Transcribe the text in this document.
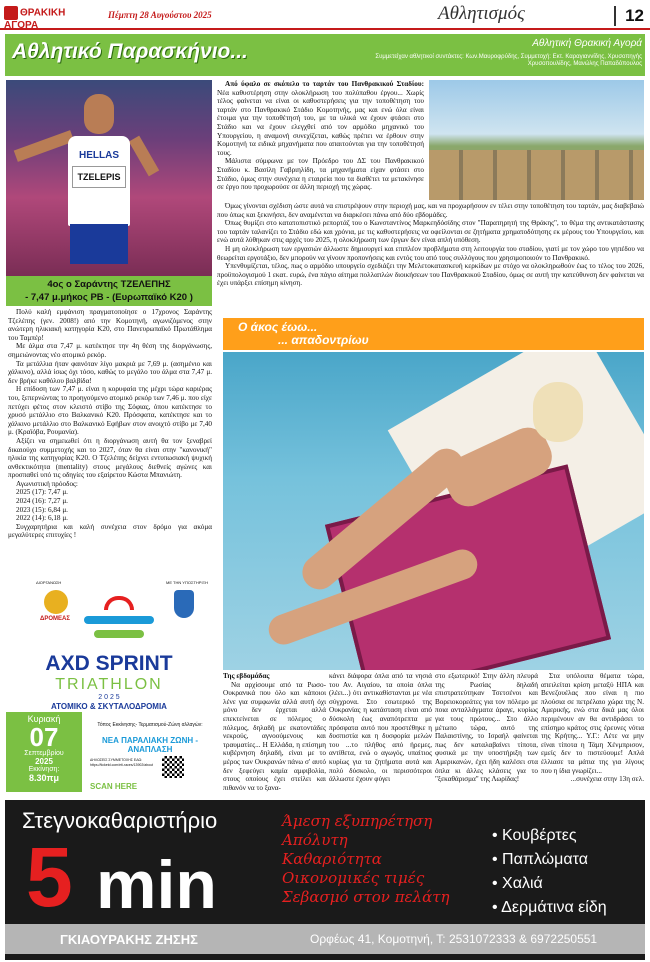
ΘΡΑΚΙΚΗ ΑΓΟΡΑ
Πέμπτη 28 Αυγούστου 2025	Αθλητισμός	12
Αθλητικό Παρασκήνιο...	Αθλητική Θρακική Αγορά
Συμμετείχαν αθλητικοί συντάκτες: Κων.Μαυροφρύδης, Συμμετοχή: Εκτ. Καραγιαννίδης, Χρυσοπηγής Χρυσοπουλίδης, Μανώλης Παπαδόπουλος
HELLAS
TZELEPIS
4ος ο Σαράντης ΤΖΕΛΕΠΗΣ
- 7,47 μ.μήκος PB - (Ευρωπαϊκό Κ20 )

Πολύ καλή εμφάνιση πραγματοποίησε ο 17χρονος Σαράντης Τζελέπης (γεν. 2008!) από την Κομοτηνή, αγωνιζόμενος στην ανώτερη ηλικιακή κατηγορία Κ20, στο Πανευρωπαϊκό Πρωτάθλημα του Ταμπέρ!

Με άλμα στα 7,47 μ. κατέκτησε την 4η θέση της διοργάνωσης, σημειώνοντας νέο ατομικό ρεκόρ.

Τα μετάλλια ήταν φαινόταν λίγο μακριά με 7,69 μ. (ασημένιο και χάλκινο), αλλά ίσως όχι τόσο, καθώς το μεγάλο του άλμα στα 7,47 μ. δεν βρήκε καθόλου βαλβίδα!

Η επίδοση των 7,47 μ. είναι η κορυφαία της μέχρι τώρα καριέρας του, ξεπερνώντας το προηγούμενο ατομικό ρεκόρ των 7,46 μ. που είχε πετύχει φέτος στον κλειστό στίβο της Σόφιας, όπου κατέκτησε το χρυσό μετάλλιο στο Βαλκανικό Κ20. Πρόσφατα, κατέκτησε και το χάλκινο μετάλλιο στο Βαλκανικό Εφήβων στον ανοιχτό στίβο με 7,40 μ. (Κραϊόβα, Ρουμανία).

Αξίζει να σημειωθεί ότι η διοργάνωση αυτή θα τον ξεναβρεί δικαιούχο συμμετοχής και το 2027, όταν θα είναι στην "κανονική" ηλικία της κατηγορίας Κ20. Ο Τζελέπης δείχνει εντυπωσιακή ψυχική ανθεκτικότητα (mentality) στους μεγάλους διεθνείς αγώνες και προσπαθεί υπό τις οδηγίες του εξαίρετου Κώστα Μπανιώτη.

Αγωνιστική πρόοδος:

2025 (17): 7,47 μ.

2024 (16): 7,27 μ.

2023 (15): 6,84 μ.

2022 (14): 6,18 μ.

Συγχαρητήρια και καλή συνέχεια στον δρόμο για ακόμα μεγαλύτερες επιτυχίες !

Από ύφαλο σε σκόπελο το ταρτάν του Πανθρακικού Σταδίου: Νέα καθυστέρηση στην ολοκλήρωση του πολύπαθου έργου... Χωρίς τέλος φαίνεται να είναι οι καθυστερήσεις για την τοποθέτηση του ταρτάν στο Πανθρακικό Στάδιο Κομοτηνής, μας και ενώ όλα είναι έτοιμα για την τοποθέτησή του, με τα υλικά να έχουν φτάσει στο Στάδιο και να έχουν ελεγχθεί από τον αρμόδιο μηχανικό του Υπουργείου, η αναμονή συνεχίζεται, καθώς πρέπει να έρθουν στην Κομοτηνή τα ειδικά μηχανήματα που απαιτούνται για την τοποθέτησή τους.

Μάλιστα σύμφωνα με τον Πρόεδρο του ΔΣ του Πανθρακικού Σταδίου κ. Βασίλη Γαβριηλίδη, τα μηχανήματα είχαν φτάσει στο Στάδιο, όμως στην συνέχεια η εταιρεία που τα διαθέτει τα μετακίνησε σε έργο που προχωρούσε σε άλλη περιοχή της χώρας.

Όμως γίνονται σχέδιση ώστε αυτά να επιστρέψουν στην περιοχή μας, και να προχωρήσουν εν τέλει στην τοποθέτηση του ταρτάν, μας διαβεβαιώ που όπως και ξεκινήσει, δεν αναμένεται να διαρκέσει πάνω από δύο εβδομάδες.

Όπως θυμίζει στο κατατοπιστικό ρεπορτάζ του ο Κωνσταντίνος Μαρκεηδόσίδης στον "Παρατηρητή της Θράκης", το θέμα της αντικατάστασης του ταρτάν ταλανίζει το Στάδιο εδώ και χρόνια, με τις καθυστερήσεις να οφείλονται σε ζητήματα χρηματοδότησης εκ μέρους του Υπουργείου, και ενώ αυτά λύθηκαν στις αρχές του 2025, η ολοκλήρωση των έργων δεν είναι απλή υπόθεση.

Η μη ολοκλήρωση των εργασιών άλλωστε δημιουργεί και επιπλέον προβλήματα στη λειτουργία του σταδίου, γιατί με τον χώρο του γηπέδου να θεωρείται εργοτάξιο, δεν μπορούν να γίνουν προπονήσεις και εντός του από τους συλλόγους που χρησιμοποιούν το Πανθρακικό.

Υπενθυμίζεται, τέλος, πως ο αρμόδιο υπουργείο σχεδιάζει την Μελετοκατασκευή κερκίδων με στόχο να ολοκληρωθούν έως το τέλος του 2026, προϋπολογισμού 1 εκατ. ευρώ, ένα πάγιο αίτημα πολλαπλών διοικήσεων του Πανθρακικού Σταδίου, όμως σε αυτή την κατεύθυνση δεν φαίνεται να έχει υπάρξει επίσημη κίνηση.

Ο άκος έωω...
... απαδοντρίωυ

Της εβδομάδας

Να αρχίσουμε από τα Ρωσο- Ουκρανικά που όλο και κάποιοι λένε για συμφωνία αλλά αυτή όχι μόνο δεν έρχεται αλλά επεκτείνεται σε πόλεμος ο πόλεμος, δηλαδή με εκατοντάδες νεκρούς, αγνοούμενους και τραυματίες... Η Ελλάδα, η επίσημη κυβέρνηση δηλαδή, είναι με το μέρος των Ουκρανών πάνω σ' αυτό δεν ξεφεύγει καμία αμφιβολία, στους οποίους έχει στείλει και πιθανόν να το ξανα-

κάνει διάφορα όπλα από τα νησιά του Αν. Αιγαίου, τα οποία όπλα (λέει...) ότι αντικαθίστανται με νέα σύγχρονα. Στο εσωτερικό της Ουκρανίας η κατάσταση είναι από δύσκολη έως αναπότρεπτα με πρόσφατα αυτό που προστέθηκε η δυσπιστία και η δυσφορία μελών του ...το πλήθος από ήρεμες, αντίθετα, ενώ ο αγωγός, υπαίτιος κυρίως για τα ζητήματα αυτά και πολύ δύσκολο, οι περισσότεροι άλλωστε έχουν φύγει

στο εξωτερικό! Στην άλλη πλευρά της Ρωσίας δηλαδή επιστρατεύτηκαν Τσετσένοι και Βορειοκορεάτες για τον πόλεμο με ποια ανταλλάγματα άραγε, κυρίως για τους πρώτους... Στο άλλο μέτωπο τώρα, αυτό της Παλαιστίνης, το Ισραήλ φαίνεται πως δεν καταλαβαίνει τίποτα, φυσικά με την υποστήριξη των Αμερικανών, έχει ήδη καλέσει στα όπλα κι άλλες κλάσεις για το "ξεκαθάρισμα" της Λωρίδας!

Στα υπόλοιπα θέματα τώρα, απειλείται κρίση μεταξύ ΗΠΑ και Βενεζουέλας που είναι η πιο πλούσια σε πετρέλαιο χώρα της Ν. Αμερικής, ενώ στα δικά μας όλοι περιμένουν αν θα αντιδράσει το επίσημο κράτος στις έρευνες νότια της Κρήτης... Υ.Γ.: Λέτε να μην είναι τίποτα η Τάμη Χένμπρισον, εμείς δεν το πιστεύουμε! Απλά έλλιασε τα μάτια της για λίγους που η ίδια γνωρίζει...

...συνέχεια στην 13η σελ.

ΔΙΟΡΓΑΝΩΣΗ	ΜΕ ΤΗΝ ΥΠΟΣΤΗΡΙΞΗ
ΔΡΟΜΕΑΣ
AXD SPRINT
TRIATHLON
2 0 2 5
ΑΤΟΜΙΚΟ & ΣΚΥΤΑΛΟΔΡΟΜΙΑ
Τόπος Εκκίνησης- Τερματισμού-Ζώνη αλλαγών:
ΝΕΑ ΠΑΡΑΛΙΑΚΗ ΖΩΝΗ - ΑΝΑΠΛΑΣΗ
ΔΗΛΩΣΕΙΣ ΣΥΜΜΕΤΟΧΗΣ ΕΔΩ: https://ticketd.com/eti-races/13902/about
SCAN HERE
Κυριακή
07
Σεπτεμβρίου
2025
Εκκίνηση:
8.30πμ
Στεγνοκαθαριστήριο
5 min
Άμεση εξυπηρέτηση
Απόλυτη Καθαριότητα
Οικονομικές τιμές
Σεβασμό στον πελάτη
• Κουβέρτες
• Παπλώματα
• Χαλιά
• Δερμάτινα είδη
ΓΚΙΑΟΥΡΑΚΗΣ ΖΗΣΗΣ	Ορφέως 41, Κομοτηνή, Τ: 2531072333 & 6972250551
